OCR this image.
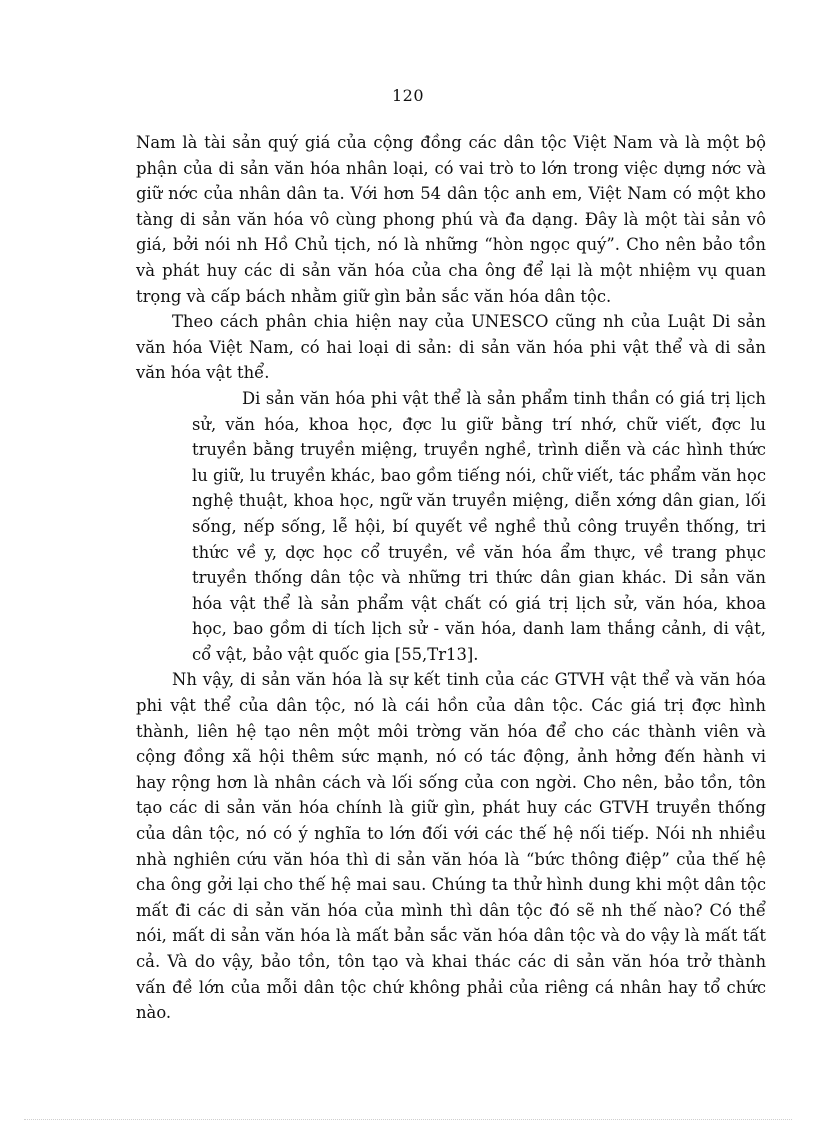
120

Nam là tài sản quý giá của cộng đồng các dân tộc Việt Nam và là một bộ phận của di sản văn hóa nhân loại, có vai trò to lớn trong việc dựng nớc và giữ nớc của nhân dân ta. Với hơn 54 dân tộc anh em, Việt Nam có một kho tàng di sản văn hóa vô cùng phong phú và đa dạng. Đây là một tài sản vô giá, bởi nói nh Hồ Chủ tịch, nó là những “hòn ngọc quý”. Cho nên bảo tồn và phát huy các di sản văn hóa của cha ông để lại là một nhiệm vụ quan trọng và cấp bách nhằm giữ gìn bản sắc văn hóa dân tộc.

Theo cách phân chia hiện nay của UNESCO cũng nh của Luật Di sản văn hóa Việt Nam, có hai loại di sản: di sản văn hóa phi vật thể và di sản văn hóa vật thể.

Di sản văn hóa phi vật thể là sản phẩm tinh thần có giá trị lịch sử, văn hóa, khoa học, đợc lu giữ bằng trí nhớ, chữ viết, đợc lu truyền bằng truyền miệng, truyền nghề, trình diễn và các hình thức lu giữ, lu truyền khác, bao gồm tiếng nói, chữ viết, tác phẩm văn học nghệ thuật, khoa học, ngữ văn truyền miệng, diễn xớng dân gian, lối sống, nếp sống, lễ hội, bí quyết về nghề thủ công truyền thống, tri thức về y, dợc học cổ truyền, về văn hóa ẩm thực, về trang phục truyền thống dân tộc và những tri thức dân gian khác. Di sản văn hóa vật thể là sản phẩm vật chất có giá trị lịch sử, văn hóa, khoa học, bao gồm di tích lịch sử - văn hóa, danh lam thắng cảnh, di vật, cổ vật, bảo vật quốc gia [55,Tr13].

Nh vậy, di sản văn hóa là sự kết tinh của các GTVH vật thể và văn hóa phi vật thể của dân tộc, nó là cái hồn của dân tộc. Các giá trị đợc hình thành, liên hệ tạo nên một môi trờng văn hóa để cho các thành viên và cộng đồng xã hội thêm sức mạnh, nó có tác động, ảnh hởng đến hành vi hay rộng hơn là nhân cách và lối sống của con ngời. Cho nên, bảo tồn, tôn tạo các di sản văn hóa chính là giữ gìn, phát huy các GTVH truyền thống của dân tộc, nó có ý nghĩa to lớn đối với các thế hệ nối tiếp. Nói nh nhiều nhà nghiên cứu văn hóa thì di sản văn hóa là “bức thông điệp” của thế hệ cha ông gởi lại cho thế hệ mai sau. Chúng ta thử hình dung khi một dân tộc mất đi các di sản văn hóa của mình thì dân tộc đó sẽ nh thế nào? Có thể nói, mất di sản văn hóa là mất bản sắc văn hóa dân tộc và do vậy là mất tất cả. Và do vậy, bảo tồn, tôn tạo và khai thác các di sản văn hóa trở thành vấn đề lớn của mỗi dân tộc chứ không phải của riêng cá nhân hay tổ chức nào.
